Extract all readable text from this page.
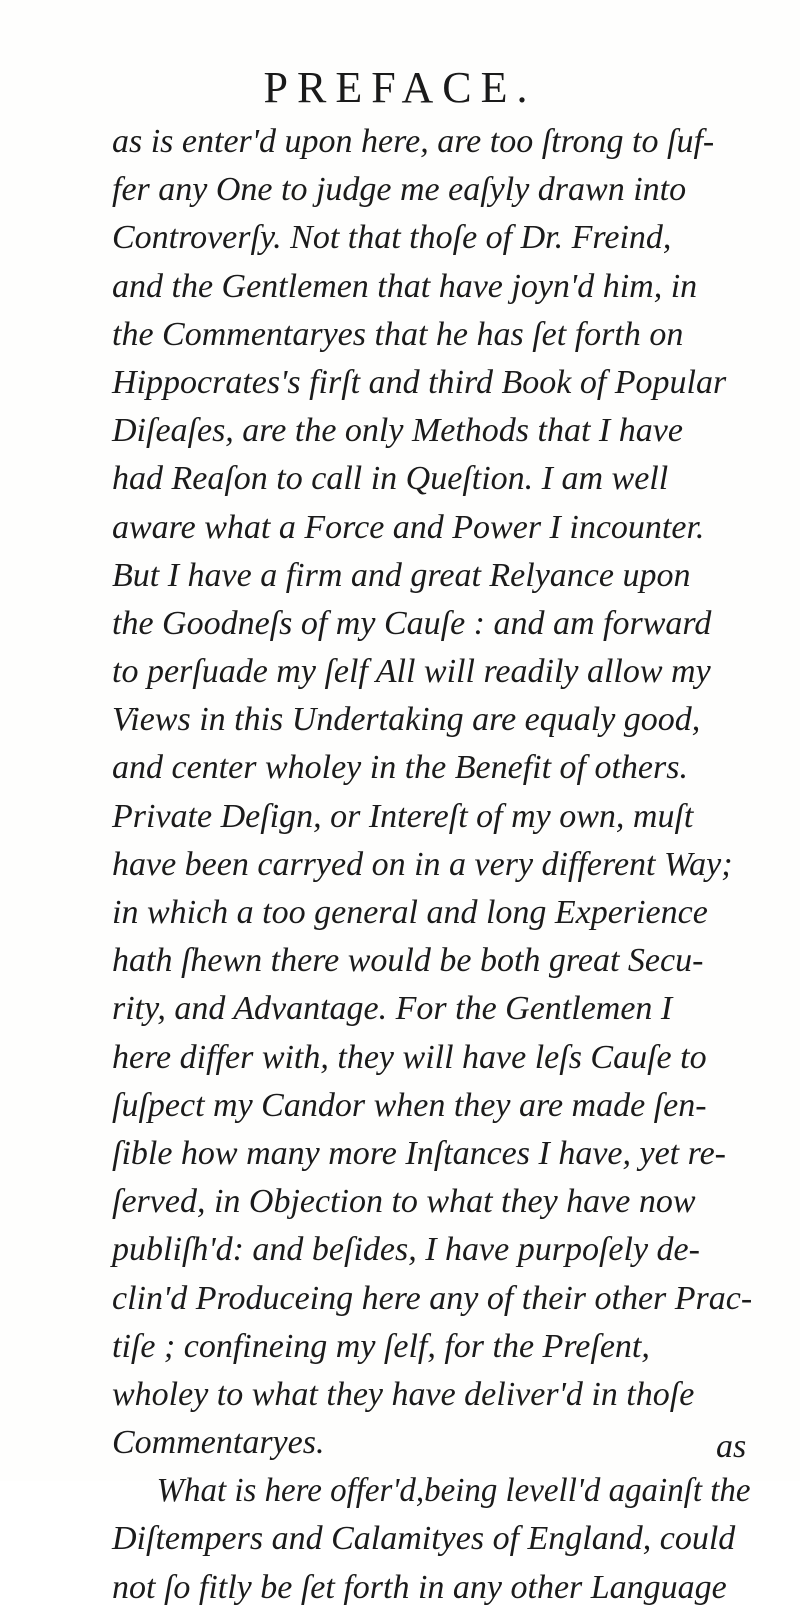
PREFACE.
as is enter'd upon here, are too ſtrong to ſuf-
fer any One to judge me eaſyly drawn into
Controverſy. Not that thoſe of Dr. Freind,
and the Gentlemen that have joyn'd him, in
the Commentaryes that he has ſet forth on
Hippocrates's firſt and third Book of Popular
Diſeaſes, are the only Methods that I have
had Reaſon to call in Queſtion. I am well
aware what a Force and Power I incounter.
But I have a firm and great Relyance upon
the Goodneſs of my Cauſe : and am forward
to perſuade my ſelf All will readily allow my
Views in this Undertaking are equaly good,
and center wholey in the Benefit of others.
Private Deſign, or Intereſt of my own, muſt
have been carryed on in a very different Way;
in which a too general and long Experience
hath ſhewn there would be both great Secu-
rity, and Advantage. For the Gentlemen I
here differ with, they will have leſs Cauſe to
ſuſpect my Candor when they are made ſen-
ſible how many more Inſtances I have, yet re-
ſerved, in Objection to what they have now
publiſh'd: and beſides, I have purpoſely de-
clin'd Produceing here any of their other Prac-
tiſe ; confineing my ſelf, for the Preſent,
wholey to what they have deliver'd in thoſe
Commentaryes.
What is here offer'd,being levell'd againſt the
Diſtempers and Calamityes of England, could
not ſo fitly be ſet forth in any other Language
as
